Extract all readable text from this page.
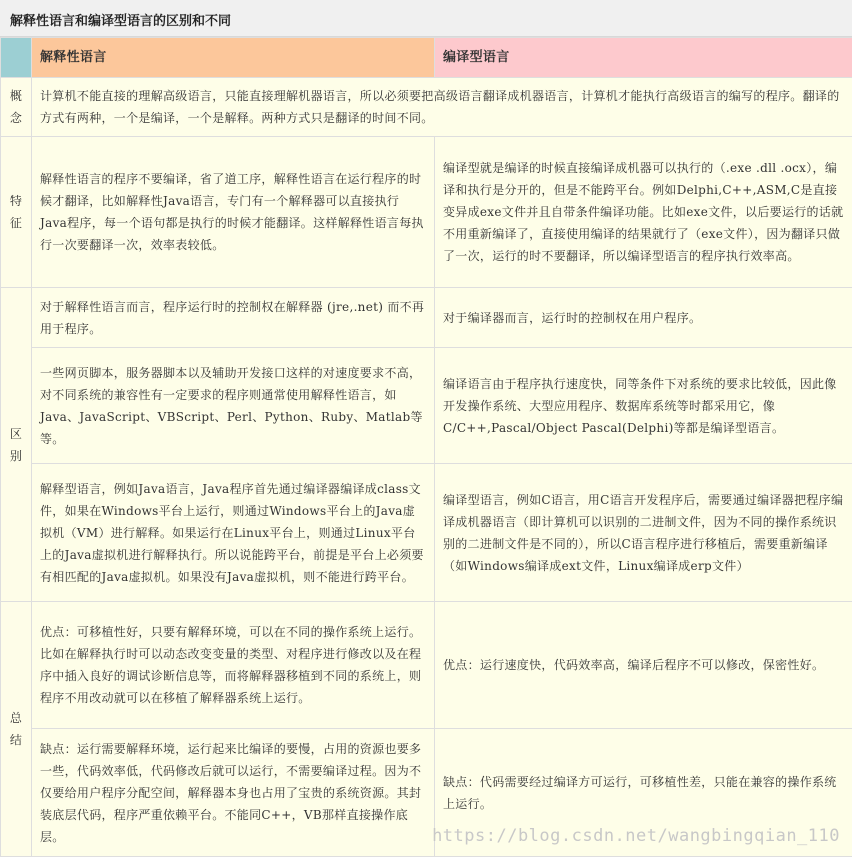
解释性语言和编译型语言的区别和不同
	解释性语言	编译型语言
概念	计算机不能直接的理解高级语言，只能直接理解机器语言，所以必须要把高级语言翻译成机器语言，计算机才能执行高级语言的编写的程序。翻译的方式有两种，一个是编译，一个是解释。两种方式只是翻译的时间不同。	
特征	解释性语言的程序不要编译，省了道工序，解释性语言在运行程序的时候才翻译，比如解释性Java语言，专门有一个解释器可以直接执行Java程序，每一个语句都是执行的时候才能翻译。这样解释性语言每执行一次要翻译一次，效率表较低。	编译型就是编译的时候直接编译成机器可以执行的（.exe .dll .ocx），编译和执行是分开的，但是不能跨平台。例如Delphi,C++,ASM,C是直接变异成exe文件并且自带条件编译功能。比如exe文件，以后要运行的话就不用重新编译了，直接使用编译的结果就行了（exe文件），因为翻译只做了一次，运行的时不要翻译，所以编译型语言的程序执行效率高。
区别	对于解释性语言而言，程序运行时的控制权在解释器 (jre,.net) 而不再用于程序。	对于编译器而言，运行时的控制权在用户程序。
	一些网页脚本，服务器脚本以及辅助开发接口这样的对速度要求不高，对不同系统的兼容性有一定要求的程序则通常使用解释性语言，如Java、JavaScript、VBScript、Perl、Python、Ruby、Matlab等等。	编译语言由于程序执行速度快，同等条件下对系统的要求比较低，因此像开发操作系统、大型应用程序、数据库系统等时都采用它，像C/C++,Pascal/Object Pascal(Delphi)等都是编译型语言。
	解释型语言，例如Java语言，Java程序首先通过编译器编译成class文件，如果在Windows平台上运行，则通过Windows平台上的Java虚拟机（VM）进行解释。如果运行在Linux平台上，则通过Linux平台上的Java虚拟机进行解释执行。所以说能跨平台，前提是平台上必须要有相匹配的Java虚拟机。如果没有Java虚拟机，则不能进行跨平台。	编译型语言，例如C语言，用C语言开发程序后，需要通过编译器把程序编译成机器语言（即计算机可以识别的二进制文件，因为不同的操作系统识别的二进制文件是不同的），所以C语言程序进行移植后，需要重新编译（如Windows编译成ext文件，Linux编译成erp文件）
总结	优点：可移植性好，只要有解释环境，可以在不同的操作系统上运行。比如在解释执行时可以动态改变变量的类型、对程序进行修改以及在程序中插入良好的调试诊断信息等，而将解释器移植到不同的系统上，则程序不用改动就可以在移植了解释器系统上运行。	优点：运行速度快，代码效率高，编译后程序不可以修改，保密性好。
	缺点：运行需要解释环境，运行起来比编译的要慢，占用的资源也要多一些，代码效率低，代码修改后就可以运行，不需要编译过程。因为不仅要给用户程序分配空间，解释器本身也占用了宝贵的系统资源。其封装底层代码，程序严重依赖平台。不能同C++，VB那样直接操作底层。	缺点：代码需要经过编译方可运行，可移植性差，只能在兼容的操作系统上运行。
https://blog.csdn.net/wangbingqian_110
